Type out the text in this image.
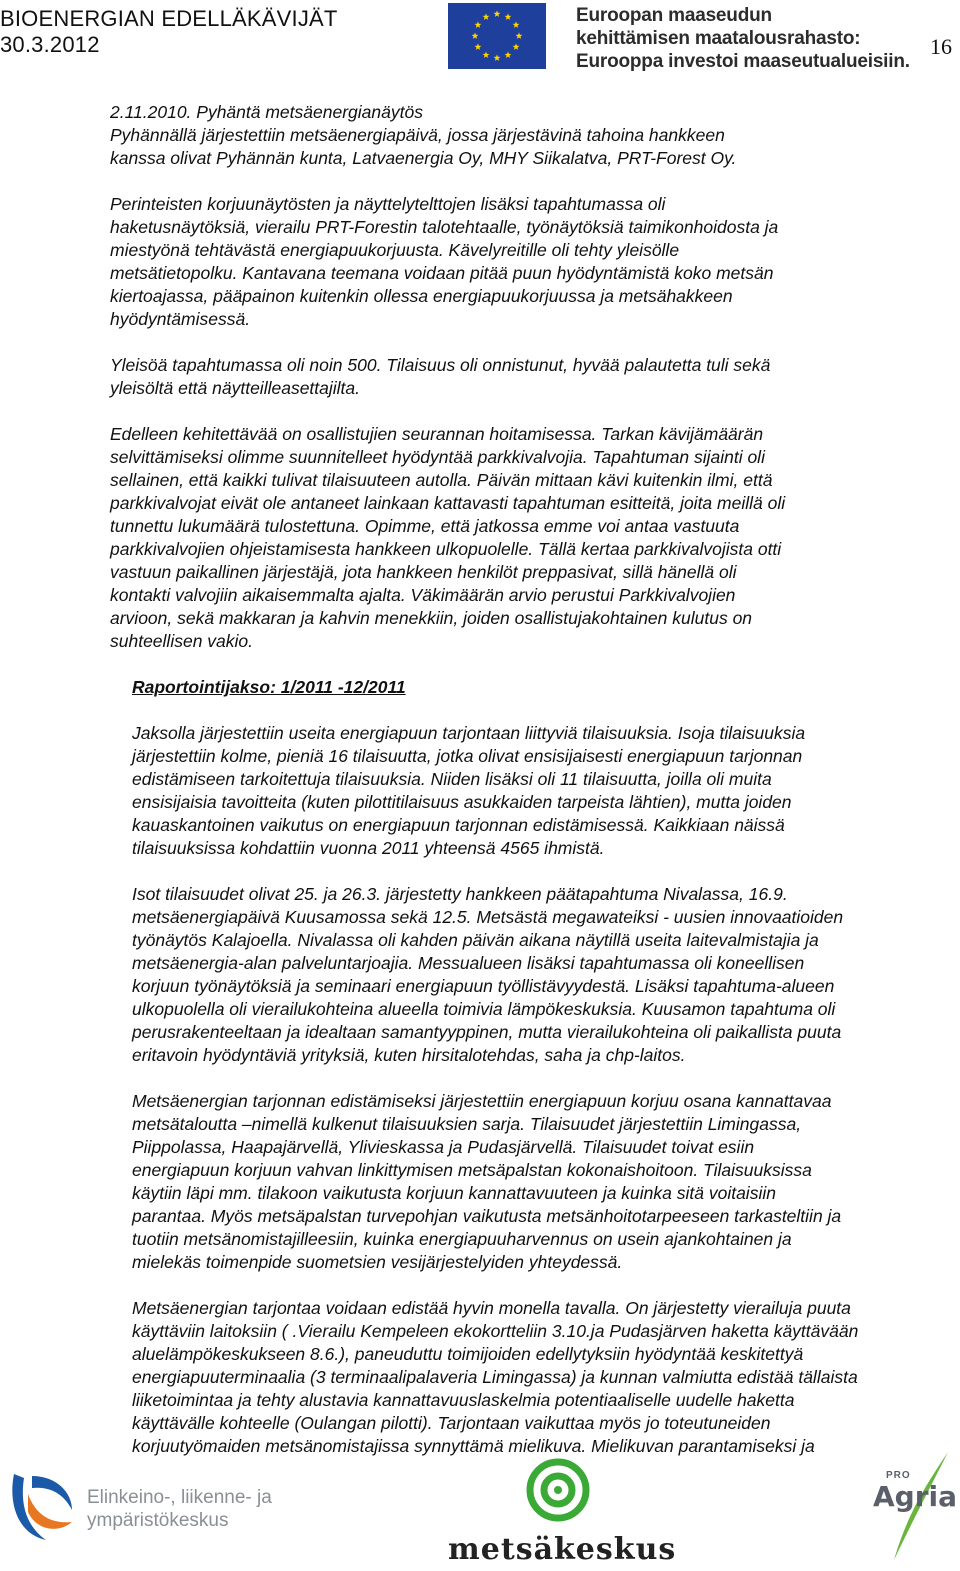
BIOENERGIAN EDELLÄKÄVIJÄT
30.3.2012
Euroopan maaseudun
kehittämisen maatalousrahasto:
Eurooppa investoi maaseutualueisiin.
16
2.11.2010. Pyhäntä metsäenergianäytös
Pyhännällä järjestettiin metsäenergiapäivä, jossa järjestävinä tahoina hankkeen
kanssa olivat Pyhännän kunta, Latvaenergia Oy, MHY Siikalatva, PRT-Forest Oy.
Perinteisten korjuunäytösten ja näyttelytelttojen lisäksi tapahtumassa oli
haketusnäytöksiä, vierailu PRT-Forestin talotehtaalle, työnäytöksiä taimikonhoidosta ja
miestyönä tehtävästä energiapuukorjuusta. Kävelyreitille oli tehty yleisölle
metsätietopolku. Kantavana teemana voidaan pitää puun hyödyntämistä koko metsän
kiertoajassa, pääpainon kuitenkin ollessa energiapuukorjuussa ja metsähakkeen
hyödyntämisessä.
Yleisöä tapahtumassa oli noin 500. Tilaisuus oli onnistunut, hyvää palautetta tuli sekä
yleisöltä että näytteilleasettajilta.
Edelleen kehitettävää on osallistujien seurannan hoitamisessa. Tarkan kävijämäärän
selvittämiseksi olimme suunnitelleet hyödyntää parkkivalvojia. Tapahtuman sijainti oli
sellainen, että kaikki tulivat tilaisuuteen autolla. Päivän mittaan kävi kuitenkin ilmi, että
parkkivalvojat eivät ole antaneet lainkaan kattavasti tapahtuman esitteitä, joita meillä oli
tunnettu lukumäärä tulostettuna. Opimme, että jatkossa emme voi antaa vastuuta
parkkivalvojien ohjeistamisesta hankkeen ulkopuolelle. Tällä kertaa parkkivalvojista otti
vastuun paikallinen järjestäjä, jota hankkeen henkilöt preppasivat, sillä hänellä oli
kontakti valvojiin aikaisemmalta ajalta. Väkimäärän arvio perustui Parkkivalvojien
arvioon, sekä makkaran ja kahvin menekkiin, joiden osallistujakohtainen kulutus on
suhteellisen vakio.
Raportointijakso: 1/2011 -12/2011
Jaksolla järjestettiin useita energiapuun tarjontaan liittyviä tilaisuuksia. Isoja tilaisuuksia
järjestettiin kolme, pieniä 16 tilaisuutta, jotka olivat ensisijaisesti energiapuun tarjonnan
edistämiseen tarkoitettuja tilaisuuksia. Niiden lisäksi oli 11 tilaisuutta, joilla oli muita
ensisijaisia tavoitteita (kuten pilottitilaisuus asukkaiden tarpeista lähtien), mutta joiden
kauaskantoinen vaikutus on energiapuun tarjonnan edistämisessä. Kaikkiaan näissä
tilaisuuksissa kohdattiin vuonna 2011 yhteensä 4565 ihmistä.
Isot tilaisuudet olivat 25. ja 26.3. järjestetty hankkeen päätapahtuma Nivalassa, 16.9.
metsäenergiapäivä Kuusamossa sekä 12.5. Metsästä megawateiksi - uusien innovaatioiden
työnäytös Kalajoella. Nivalassa oli kahden päivän aikana näytillä useita laitevalmistajia ja
metsäenergia-alan palveluntarjoajia. Messualueen lisäksi tapahtumassa oli koneellisen
korjuun työnäytöksiä ja seminaari energiapuun työllistävyydestä. Lisäksi tapahtuma-alueen
ulkopuolella oli vierailukohteina alueella toimivia lämpökeskuksia. Kuusamon tapahtuma oli
perusrakenteeltaan ja idealtaan samantyyppinen, mutta vierailukohteina oli paikallista puuta
eritavoin hyödyntäviä yrityksiä, kuten hirsitalotehdas, saha ja chp-laitos.
Metsäenergian tarjonnan edistämiseksi järjestettiin energiapuun korjuu osana kannattavaa
metsätaloutta –nimellä kulkenut tilaisuuksien sarja. Tilaisuudet järjestettiin Limingassa,
Piippolassa, Haapajärvellä, Ylivieskassa ja Pudasjärvellä. Tilaisuudet toivat esiin
energiapuun korjuun vahvan linkittymisen metsäpalstan kokonaishoitoon. Tilaisuuksissa
käytiin läpi mm. tilakoon vaikutusta korjuun kannattavuuteen ja kuinka sitä voitaisiin
parantaa. Myös metsäpalstan turvepohjan vaikutusta metsänhoitotarpeeseen tarkasteltiin ja
tuotiin metsänomistajilleesiin, kuinka energiapuuharvennus on usein ajankohtainen ja
mielekäs toimenpide suometsien vesijärjestelyiden yhteydessä.
Metsäenergian tarjontaa voidaan edistää hyvin monella tavalla. On järjestetty vierailuja puuta
käyttäviin laitoksiin ( .Vierailu Kempeleen ekokortteliin 3.10.ja Pudasjärven hakettа käyttävään
aluelämpökeskukseen 8.6.), paneuduttu toimijoiden edellytyksiin hyödyntää keskitettyä
energiapuuterminaalia (3 terminaalipalaveria Limingassa) ja kunnan valmiutta edistää tällaista
liiketoimintaa ja tehty alustavia kannattavuuslaskelmia potentiaaliselle uudelle haketta
käyttävälle kohteelle (Oulangan pilotti). Tarjontaan vaikuttaa myös jo toteutuneiden
korjuutyömaiden metsänomistajissa synnyttämä mielikuva. Mielikuvan parantamiseksi ja
Elinkeino-, liikenne- ja
ympäristökeskus
metsäkeskus
PRO
Agria
